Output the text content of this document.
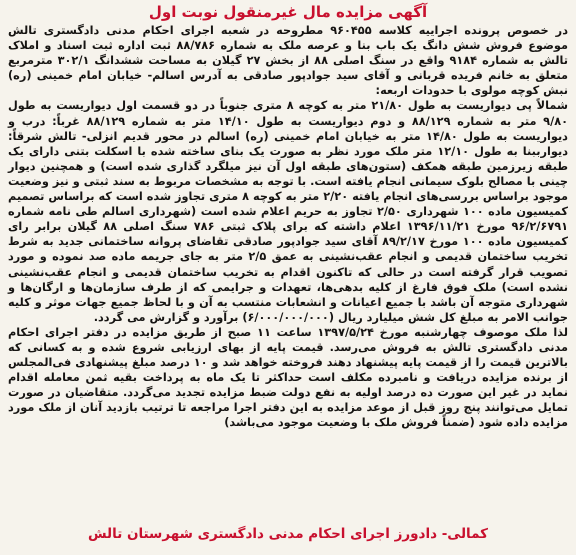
آگهی مزایده مال غیرمنقول نوبت اول

در خصوص پرونده اجراییه کلاسه ۹۶۰۴۵۵ مطروحه در شعبه اجرای احکام مدنی دادگستری تالش موضوع فروش شش دانگ یک باب بنا و عرصه ملک به شماره ۸۸/۷۸۶ ثبت اداره ثبت اسناد و املاک تالش به شماره ۹۱۸۴ واقع در سنگ اصلی ۸۸ از بخش ۲۷ گیلان به مساحت ششدانگ ۳۰۲/۱ مترمربع متعلق به خانم فریده قربانی و آقای سید جوادپور صادقی به آدرس اسالم- خیابان امام خمینی (ره) نبش کوچه مولوی با حدودات اربعه:

شمالاً پی دیواریست به طول ۲۱/۸۰ متر به کوچه ۸ متری جنوباً در دو قسمت اول دیواریست به طول ۹/۸۰ متر به شماره ۸۸/۱۲۹ و دوم دیواریست به طول ۱۴/۱۰ متر به شماره ۸۸/۱۲۹ غرباً: درب و دیواریست به طول ۱۴/۸۰ متر به خیابان امام خمینی (ره) اسالم در محور قدیم انزلی- تالش شرقاً: دیوارببنا به طول ۱۲/۱۰ متر ملک مورد نظر به صورت یک بنای ساخته شده با اسکلت بتنی دارای یک طبقه زیرزمین طبقه همکف (ستون‌های طبقه اول آن نیز میلگرد گذاری شده است) و همچنین دیوار چینی با مصالح بلوک سیمانی انجام یافته است. با توجه به مشخصات مربوط به سند ثبتی و نیز وضعیت موجود براساس بررسی‌های انجام یافته ۲/۲۰ متر به کوچه ۸ متری تجاوز شده است که براساس تصمیم کمیسیون ماده ۱۰۰ شهرداری ۲/۵۰ تجاوز به حریم اعلام شده است (شهرداری اسالم طی نامه شماره ۹۶/۲/۶۷۹۱ مورخ ۱۳۹۶/۱۱/۲۱ اعلام داشته که برای پلاک ثبتی ۷۸۶ سنگ اصلی ۸۸ گیلان برابر رای کمیسیون ماده ۱۰۰ مورخ ۸۹/۲/۱۷ آقای سید جوادپور صادقی تقاضای پروانه ساختمانی جدید به شرط تخریب ساختمان قدیمی و انجام عقب‌نشینی به عمق ۲/۵ متر به جای جریمه ماده صد نموده و مورد تصویب قرار گرفته است در حالی که تاکنون اقدام به تخریب ساختمان قدیمی و انجام عقب‌نشینی نشده است) ملک فوق فارغ از کلیه بدهی‌ها، تعهدات و جرایمی که از طرف سازمان‌ها و ارگان‌ها و شهرداری متوجه آن باشد با جمیع اعیانات و انشعابات منتسب به آن و با لحاظ جمیع جهات موثر و کلیه جوانب الامر به مبلغ کل شش میلیارد ریال (۶/۰۰۰/۰۰۰/۰۰۰) برآورد و گزارش می گردد.

لذا ملک موصوف چهارشنبه مورخ ۱۳۹۷/۵/۲۴ ساعت ۱۱ صبح از طریق مزایده در دفتر اجرای احکام مدنی دادگستری تالش به فروش می‌رسد. قیمت پایه از بهای ارزیابی شروع شده و به کسانی که بالاترین قیمت را از قیمت پایه پیشنهاد دهند فروخته خواهد شد و ۱۰ درصد مبلغ پیشنهادی فی‌المجلس از برنده مزایده دریافت و نامبرده مکلف است حداکثر تا یک ماه به پرداخت بقیه ثمن معامله اقدام نماید در غیر این صورت ده درصد اولیه به نفع دولت ضبط مزایده تجدید می‌گردد. متقاضیان در صورت تمایل می‌توانند پنج روز قبل از موعد مزایده به این دفتر اجرا مراجعه تا ترتیب بازدید آنان از ملک مورد مزایده داده شود (ضمناً فروش ملک با وضعیت موجود می‌باشد)

کمالی- دادورز اجرای احکام مدنی دادگستری شهرستان تالش
